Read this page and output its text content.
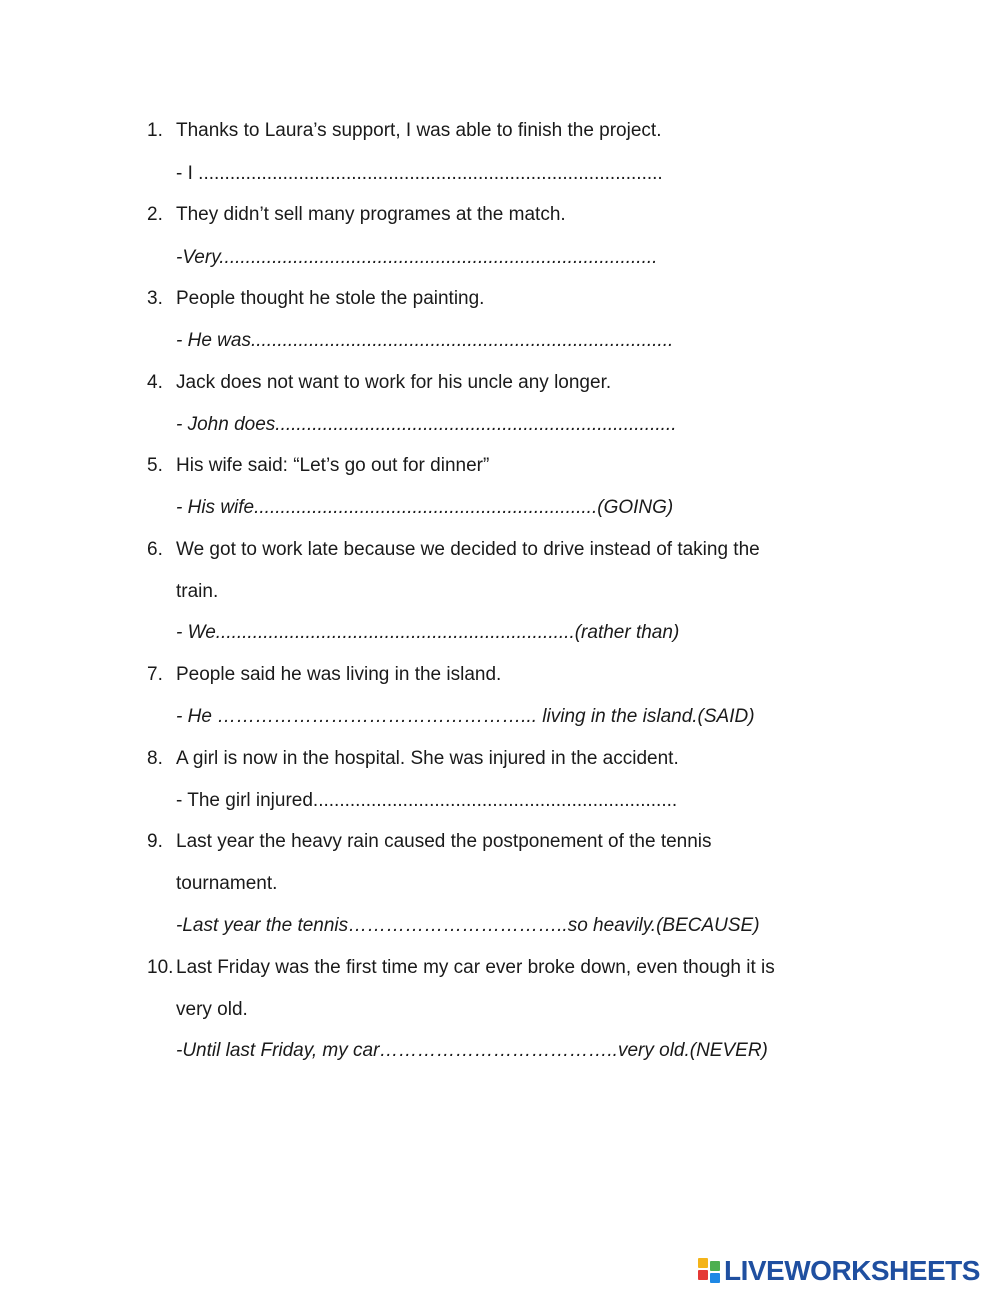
1. Thanks to Laura’s support, I was able to finish the project.
- I ........................................................................................
2. They didn’t sell many programes at the match.
-Very...................................................................................
3. People thought he stole the painting.
- He was................................................................................
4. Jack does not want to work for his uncle any longer.
- John does............................................................................
5. His wife said: “Let’s go out for dinner”
- His wife.................................................................(GOING)
6. We got to work late because we decided to drive instead of taking the
train.
- We....................................................................(rather than)
7. People said he was living in the island.
- He …………………………………………... living in the island.(SAID)
8. A girl is now in the hospital. She was injured in the accident.
- The girl injured.....................................................................
9. Last year the heavy rain caused the postponement of the tennis
tournament.
-Last year the tennis……………………………..so heavily.(BECAUSE)
10. Last Friday was the first time my car ever broke down, even though it is
very old.
-Until last Friday, my car………………………………..very old.(NEVER)
LIVEWORKSHEETS
